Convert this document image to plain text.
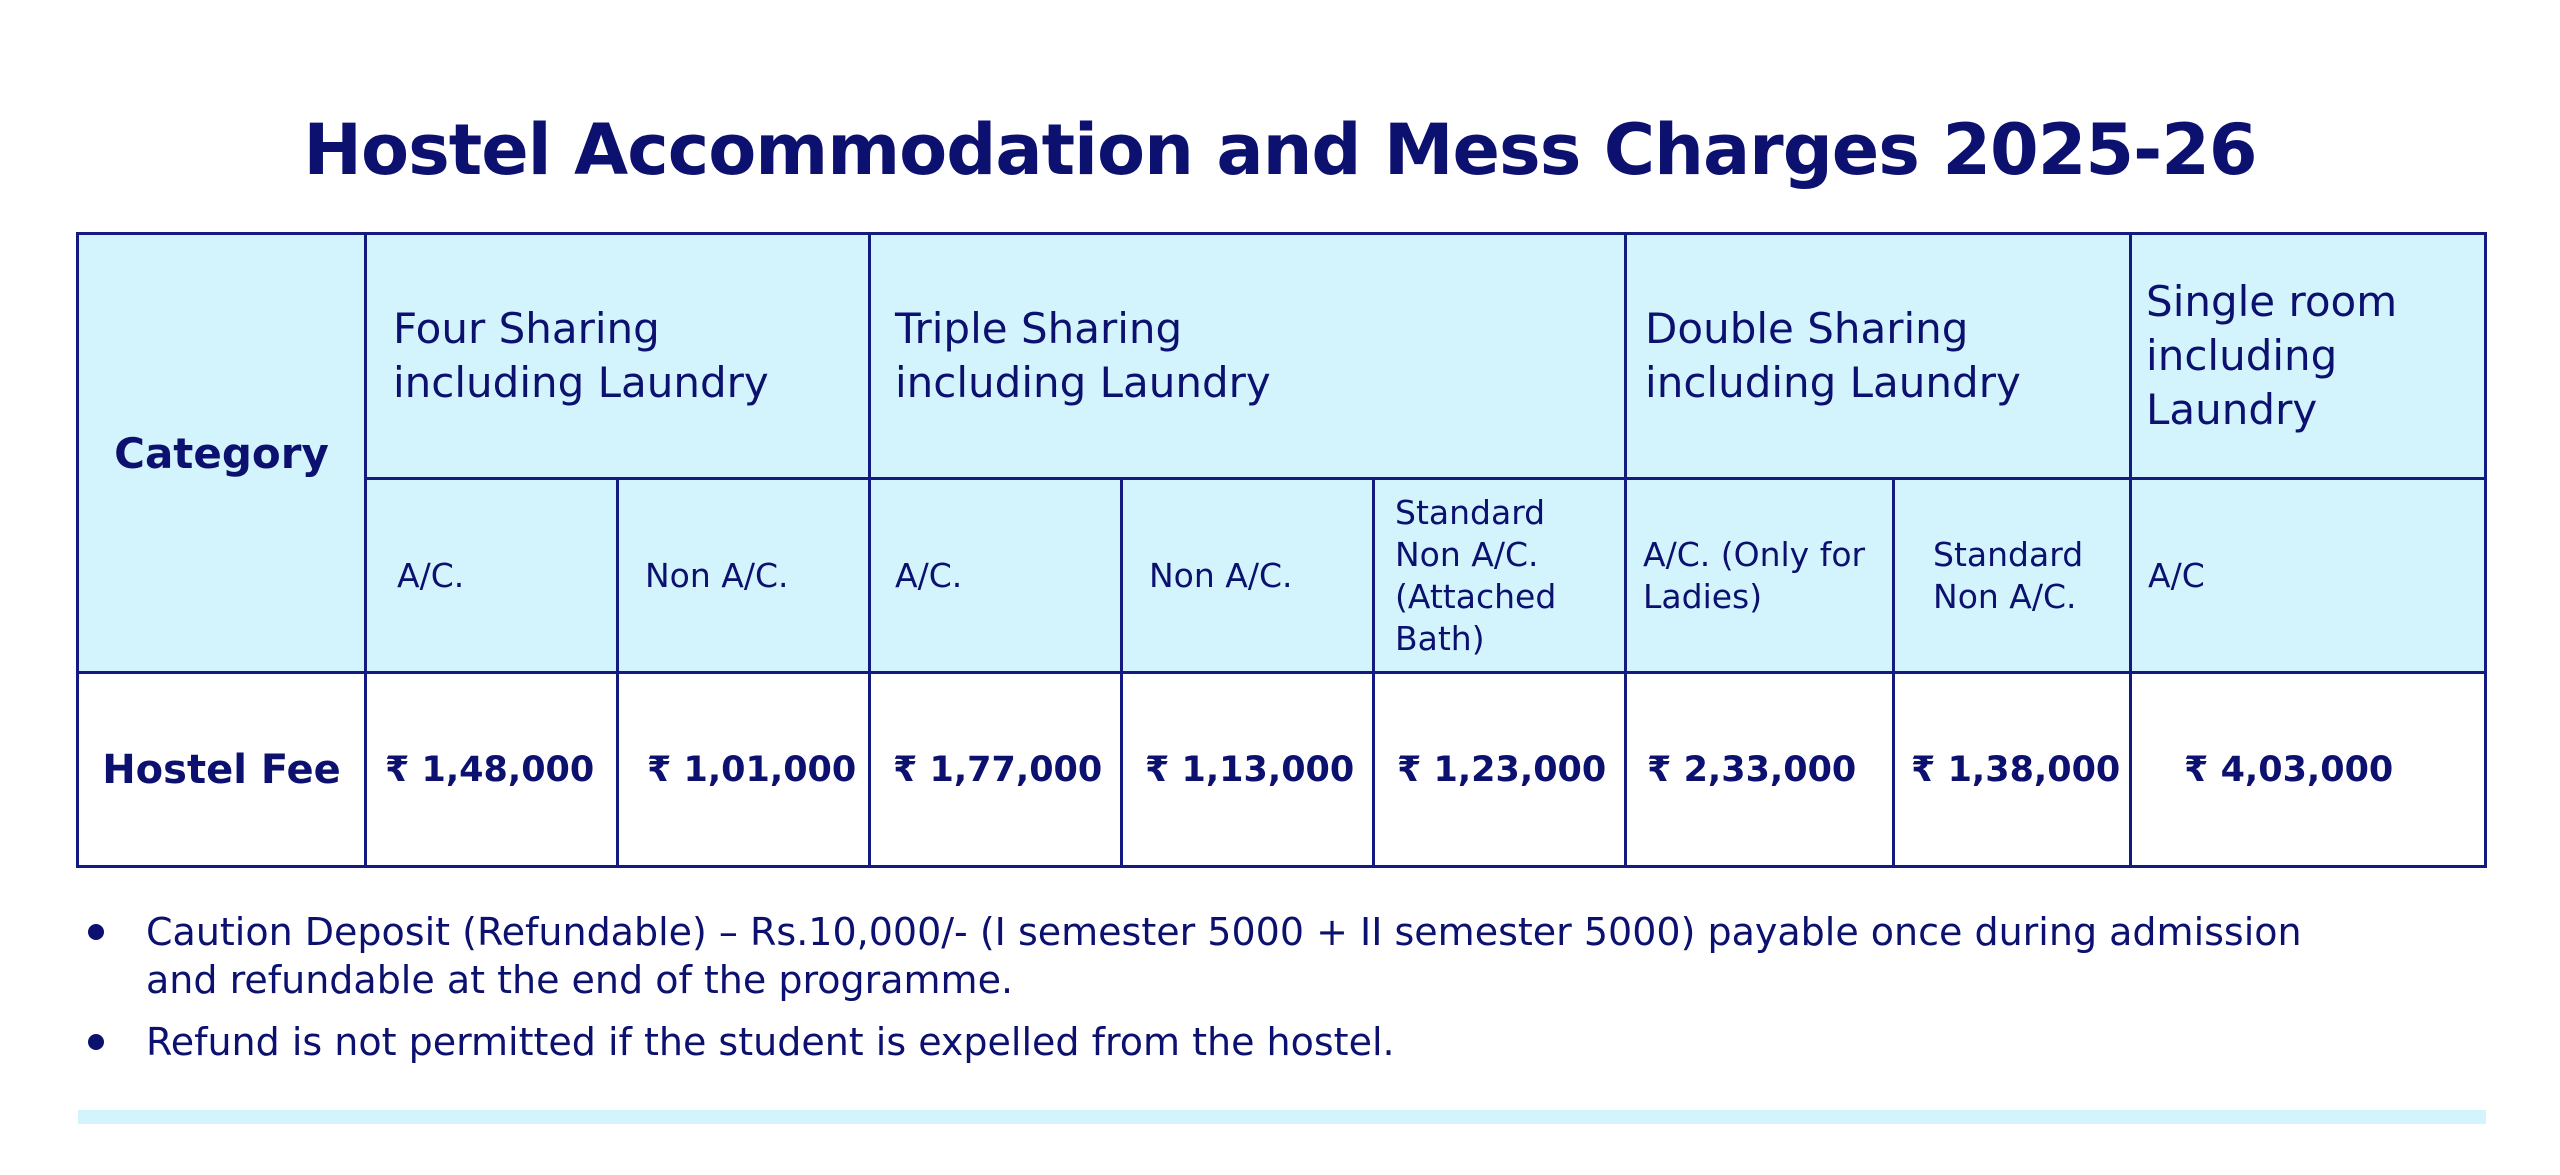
Hostel Accommodation and Mess Charges 2025-26
Category	Four Sharing including Laundry		Triple Sharing including Laundry			Double Sharing including Laundry		Single room including Laundry

	A/C.	Non A/C.	A/C.	Non A/C.	Standard Non A/C. (Attached Bath)	A/C. (Only for Ladies)	Standard Non A/C.	A/C

Hostel Fee	₹ 1,48,000	₹ 1,01,000	₹ 1,77,000	₹ 1,13,000	₹ 1,23,000	₹ 2,33,000	₹ 1,38,000	₹ 4,03,000
Caution Deposit (Refundable) – Rs.10,000/- (I semester 5000 + II semester 5000) payable once during admission and refundable at the end of the programme.
Refund is not permitted if the student is expelled from the hostel.
